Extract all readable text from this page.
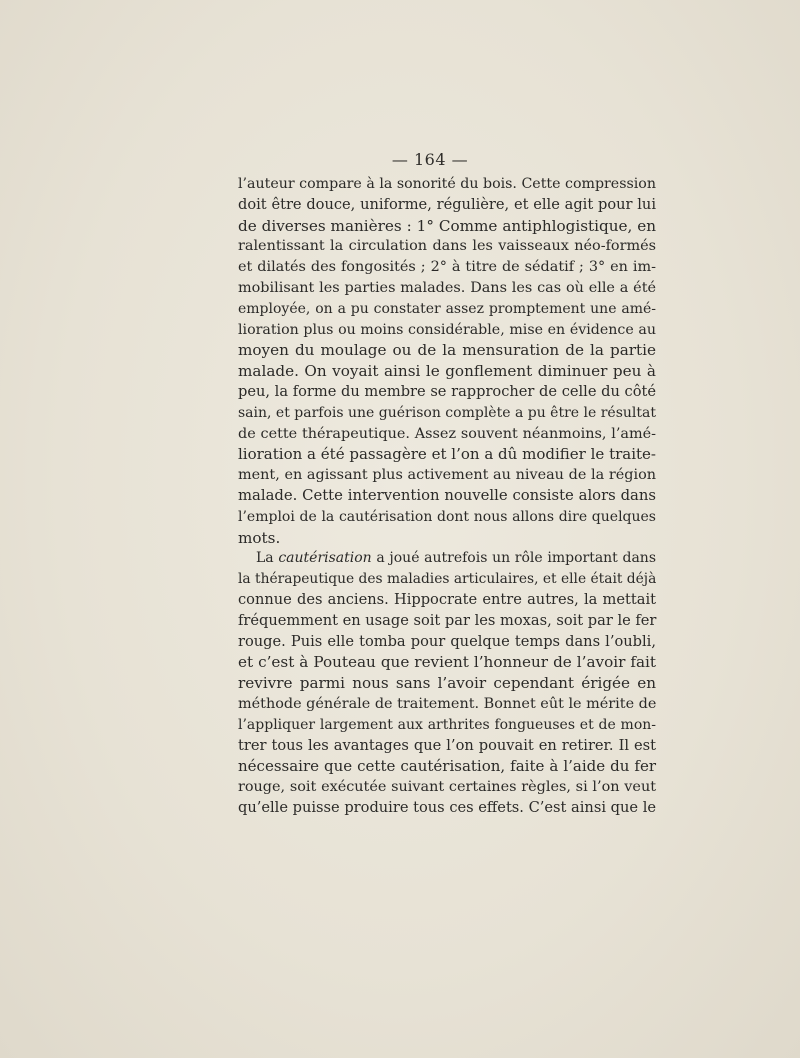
— 164 —
l’auteur compare à la sonorité du bois. Cette compression
doit être douce, uniforme, régulière, et elle agit pour lui
de diverses manières : 1° Comme antiphlogistique, en
ralentissant la circulation dans les vaisseaux néo-formés
et dilatés des fongosités ; 2° à titre de sédatif ; 3° en im-
mobilisant les parties malades. Dans les cas où elle a été
employée, on a pu constater assez promptement une amé-
lioration plus ou moins considérable, mise en évidence au
moyen du moulage ou de la mensuration de la partie
malade. On voyait ainsi le gonflement diminuer peu à
peu, la forme du membre se rapprocher de celle du côté
sain, et parfois une guérison complète a pu être le résultat
de cette thérapeutique. Assez souvent néanmoins, l’amé-
lioration a été passagère et l’on a dû modifier le traite-
ment, en agissant plus activement au niveau de la région
malade. Cette intervention nouvelle consiste alors dans
l’emploi de la cautérisation dont nous allons dire quelques
mots.
La cautérisation a joué autrefois un rôle important dans
la thérapeutique des maladies articulaires, et elle était déjà
connue des anciens. Hippocrate entre autres, la mettait
fréquemment en usage soit par les moxas, soit par le fer
rouge. Puis elle tomba pour quelque temps dans l’oubli,
et c’est à Pouteau que revient l’honneur de l’avoir fait
revivre parmi nous sans l’avoir cependant érigée en
méthode générale de traitement. Bonnet eût le mérite de
l’appliquer largement aux arthrites fongueuses et de mon-
trer tous les avantages que l’on pouvait en retirer. Il est
nécessaire que cette cautérisation, faite à l’aide du fer
rouge, soit exécutée suivant certaines règles, si l’on veut
qu’elle puisse produire tous ces effets. C’est ainsi que le
